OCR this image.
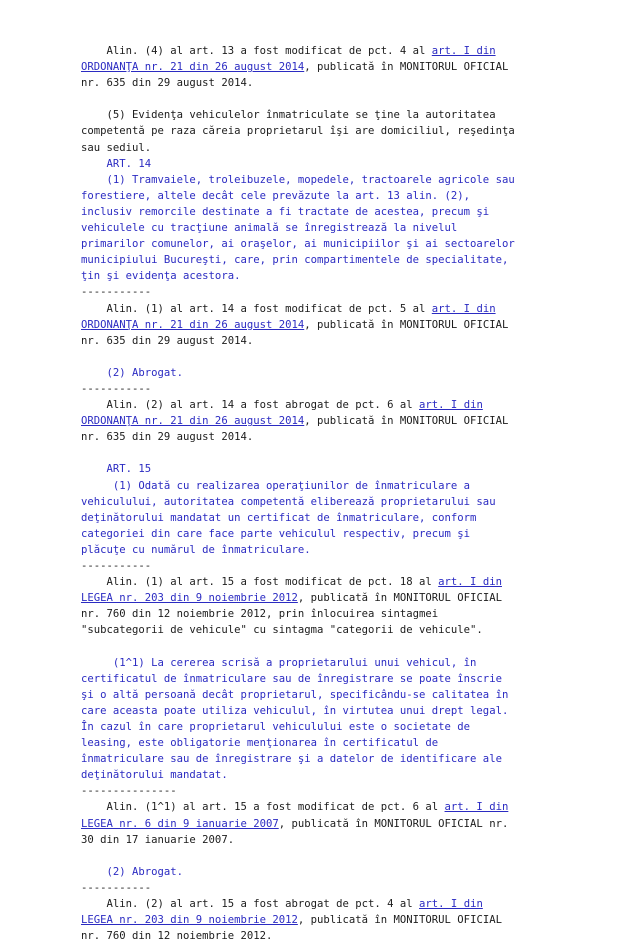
Alin. (4) al art. 13 a fost modificat de pct. 4 al art. I din
ORDONANŢA nr. 21 din 26 august 2014, publicată în MONITORUL OFICIAL
nr. 635 din 29 august 2014.
(5) Evidenţa vehiculelor înmatriculate se ţine la autoritatea
competentă pe raza căreia proprietarul îşi are domiciliul, reşedinţa
sau sediul.
ART. 14
(1) Tramvaiele, troleibuzele, mopedele, tractoarele agricole sau
forestiere, altele decât cele prevăzute la art. 13 alin. (2),
inclusiv remorcile destinate a fi tractate de acestea, precum şi
vehiculele cu tracţiune animală se înregistrează la nivelul
primarilor comunelor, ai oraşelor, ai municipiilor şi ai sectoarelor
municipiului Bucureşti, care, prin compartimentele de specialitate,
ţin şi evidenţa acestora.
-----------
Alin. (1) al art. 14 a fost modificat de pct. 5 al art. I din
ORDONANŢA nr. 21 din 26 august 2014, publicată în MONITORUL OFICIAL
nr. 635 din 29 august 2014.
(2) Abrogat.
-----------
Alin. (2) al art. 14 a fost abrogat de pct. 6 al art. I din
ORDONANŢA nr. 21 din 26 august 2014, publicată în MONITORUL OFICIAL
nr. 635 din 29 august 2014.
ART. 15
(1) Odată cu realizarea operaţiunilor de înmatriculare a
vehiculului, autoritatea competentă eliberează proprietarului sau
deţinătorului mandatat un certificat de înmatriculare, conform
categoriei din care face parte vehiculul respectiv, precum şi
plăcuţe cu numărul de înmatriculare.
-----------
Alin. (1) al art. 15 a fost modificat de pct. 18 al art. I din
LEGEA nr. 203 din 9 noiembrie 2012, publicată în MONITORUL OFICIAL
nr. 760 din 12 noiembrie 2012, prin înlocuirea sintagmei
"subcategorii de vehicule" cu sintagma "categorii de vehicule".
(1^1) La cererea scrisă a proprietarului unui vehicul, în
certificatul de înmatriculare sau de înregistrare se poate înscrie
şi o altă persoană decât proprietarul, specificându-se calitatea în
care aceasta poate utiliza vehiculul, în virtutea unui drept legal.
În cazul în care proprietarul vehiculului este o societate de
leasing, este obligatorie menţionarea în certificatul de
înmatriculare sau de înregistrare şi a datelor de identificare ale
deţinătorului mandatat.
---------------
Alin. (1^1) al art. 15 a fost modificat de pct. 6 al art. I din
LEGEA nr. 6 din 9 ianuarie 2007, publicată în MONITORUL OFICIAL nr.
30 din 17 ianuarie 2007.
(2) Abrogat.
-----------
Alin. (2) al art. 15 a fost abrogat de pct. 4 al art. I din
LEGEA nr. 203 din 9 noiembrie 2012, publicată în MONITORUL OFICIAL
nr. 760 din 12 noiembrie 2012.
